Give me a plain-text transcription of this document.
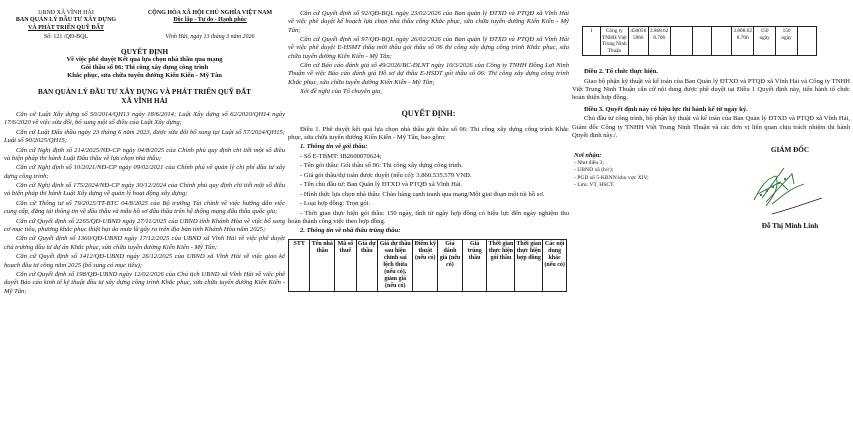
UBND XÃ VĨNH HẢI
BAN QUẢN LÝ ĐẦU TƯ XÂY DỰNG
VÀ PHÁT TRIỂN QUỸ ĐẤT
Số: 121 /QĐ-BQL
CỘNG HÒA XÃ HỘI CHỦ NGHĨA VIỆT NAM
Độc lập - Tự do - Hạnh phúc
Vĩnh Hải, ngày 13 tháng 3 năm 2026
QUYẾT ĐỊNH
Về việc phê duyệt Kết quả lựa chọn nhà thầu qua mạng
Gói thầu số 06: Thi công xây dựng công trình
Khắc phục, sửa chữa tuyến đường Kiến Kiến - Mỹ Tân
BAN QUẢN LÝ ĐẦU TƯ XÂY DỰNG VÀ PHÁT TRIỂN QUỸ ĐẤT
XÃ VĨNH HẢI

Căn cứ Luật Xây dựng số 50/2014/QH13 ngày 18/6/2014; Luật Xây dựng số 62/2020/QH14 ngày 17/6/2020 về việc sửa đổi, bổ sung một số điều của Luật Xây dựng;

Căn cứ Luật Đấu thầu ngày 23 tháng 6 năm 2023, được sửa đổi bổ sung tại Luật số 57/2024/QH15; Luật số 90/2025/QH15;

Căn cứ Nghị định số 214/2025/NĐ-CP ngày 04/8/2025 của Chính phủ quy định chi tiết một số điều và biện pháp thi hành Luật Đấu thầu về lựa chọn nhà thầu;

Căn cứ Nghị định số 10/2021/NĐ-CP ngày 09/02/2021 của Chính phủ về quản lý chi phí đầu tư xây dựng công trình;

Căn cứ Nghị định số 175/2024/NĐ-CP ngày 30/12/2024 của Chính phủ quy định chi tiết một số điều và biện pháp thi hành Luật Xây dựng về quản lý hoạt động xây dựng;

Căn cứ Thông tư số 79/2025/TT-BTC 04/8/2025 của Bộ trưởng Tài chính về việc hướng dẫn việc cung cấp, đăng tải thông tin về đấu thầu và mẫu hồ sơ đấu thầu trên hệ thống mạng đấu thầu quốc gia;

Căn cứ Quyết định số 2265/QĐ-UBND ngày 27/11/2025 của UBND tỉnh Khánh Hòa về việc bổ sung cơ mục tiêu, phương khắc phục thiệt hại do mưa lũ gây ra trên địa bàn tỉnh Khánh Hòa năm 2025;

Căn cứ Quyết định số 1360/QĐ-UBND ngày 17/12/2025 của UBND xã Vĩnh Hải về việc phê duyệt chủ trương đầu tư dự án Khắc phục, sửa chữa tuyến đường Kiến Kiến - Mỹ Tân;

Căn cứ Quyết định số 1412/QĐ-UBND ngày 26/12/2025 của UBND xã Vĩnh Hải về việc giao kế hoạch đầu tư công năm 2025 (bổ sung có mục tiêu);

Căn cứ Quyết định số 198/QĐ-UBND ngày 12/02/2026 của Chủ tịch UBND xã Vĩnh Hải về việc phê duyệt Báo cáo kinh tế kỹ thuật đầu tư xây dựng công trình Khắc phục, sửa chữa tuyến đường Kiến Kiến - Mỹ Tân;

Căn cứ Quyết định số 92/QĐ-BQL ngày 23/02/2026 của Ban quản lý ĐTXD và PTQĐ xã Vĩnh Hải về việc phê duyệt kế hoạch lựa chọn nhà thầu công Khắc phục, sửa chữa tuyến đường Kiến Kiến - Mỹ Tân;

Căn cứ Quyết định số 97/QĐ-BQL ngày 26/02/2026 của Ban quản lý ĐTXD và PTQĐ xã Vĩnh Hải về việc phê duyệt E-HSMT thầu mời thầu gói thầu số 06 thi công xây dựng công trình Khắc phục, sửa chữa tuyến đường Kiến Kiến - Mỹ Tân;

Căn cứ Báo cáo đánh giá số 49/2026/BC-ĐLNT ngày 10/3/2026 của Công ty TNHH Đồng Lợi Ninh Thuận về việc Báo cáo đánh giá Hồ sơ dự thầu E-HSDT gói thầu số 06: Thi công xây dựng công trình Khắc phục, sửa chữa tuyến đường Kiến Kiến - Mỹ Tân;

Xét đề nghị của Tổ chuyên gia,

QUYẾT ĐỊNH:

Điều 1. Phê duyệt kết quả lựa chọn nhà thầu gói thầu số 06: Thi công xây dựng công trình Khắc phục, sửa chữa tuyến đường Kiến Kiến - Mỹ Tân, bao gồm:

1. Thông tin về gói thầu:

- Số E-TBMT: IB2600070624;

- Tên gói thầu: Gói thầu số 06: Thi công xây dựng công trình.

- Giá gói thầu/dự toán được duyệt (nếu có): 3.860.535.579 VNĐ.

- Tên chủ đầu tư: Ban Quản lý ĐTXD và PTQĐ xã Vĩnh Hải.

- Hình thức lựa chọn nhà thầu: Chào hàng cạnh tranh qua mạng/Một giai đoạn một túi hồ sơ.

- Loại hợp đồng: Trọn gói.

- Thời gian thực hiện gói thầu: 150 ngày, tính từ ngày hợp đồng có hiệu lực đến ngày nghiệm thu hoàn thành công việc theo hợp đồng.

2. Thông tin về nhà thầu trúng thầu:

STT	Tên nhà thầu	Mã số thuế	Giá dự thầu	Giá dự thầu sau hiệu chỉnh sai lệch thừa (nếu có), giảm giá (nếu có)	Điểm kỹ thuật (nếu có)	Giá đánh giá (nếu có)	Giá trúng thầu	Thời gian thực hiện gói thầu	Thời gian thực hiện hợp đồng	Các nội dung khác (nếu có)
1	Công ty TNHH Việt Trung Ninh Thuận	4500565966	3.868.628.706				3.868.628.706	150 ngày	150 ngày	

Điều 2. Tổ chức thực hiện.

Giao bộ phận kỹ thuật và kế toán của Ban Quản lý ĐTXD và PTQĐ xã Vĩnh Hải và Công ty TNHH Việt Trung Ninh Thuận căn cứ nội dung được phê duyệt tại Điều 1 Quyết định này, tiến hành tổ chức hoàn thiện hợp đồng.

Điều 3. Quyết định này có hiệu lực thi hành kể từ ngày ký.

Chủ đầu tư công trình, bộ phận kỹ thuật và kế toán của Ban Quản lý ĐTXD và PTQĐ xã Vĩnh Hải, Giám đốc Công ty TNHH Việt Trung Ninh Thuận và các đơn vị liên quan chịu trách nhiệm thi hành Quyết định này./.

Nơi nhận:
- Như điều 3;
- UBND xã (b/c);
- PGD số 5-KBNN khu vực XIV;
- Lưu: VT, HSCT.
GIÁM ĐỐC
Đỗ Thị Minh Linh
